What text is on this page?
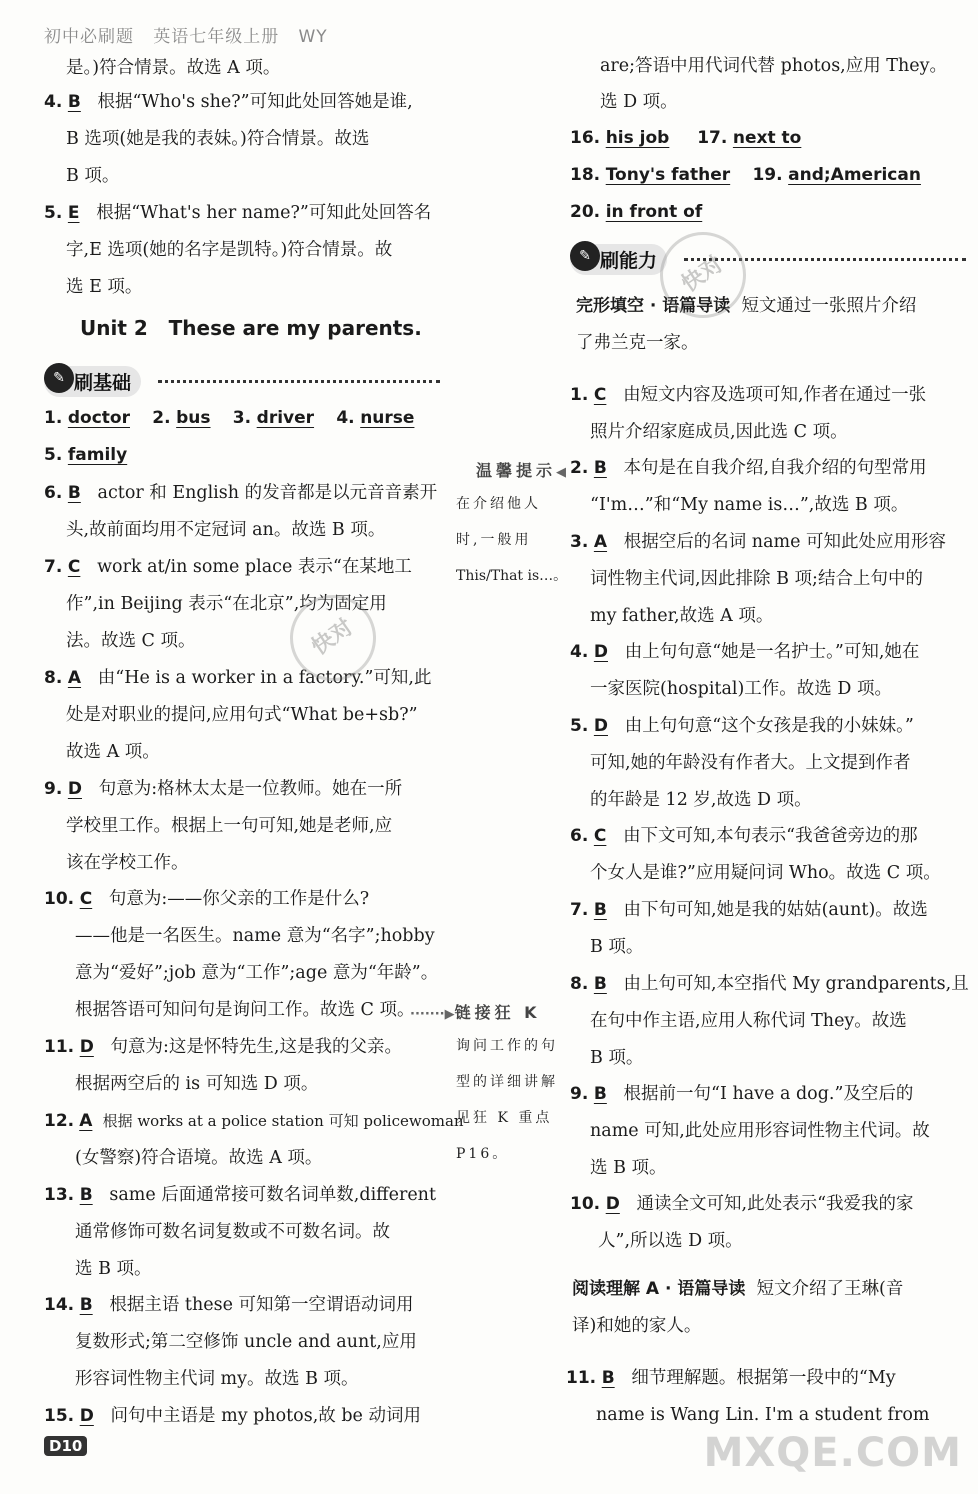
初中必刷题 英语七年级上册 WY
是。)符合情景。故选 A 项。
4. B 根据“Who's she?”可知此处回答她是谁,
B 选项(她是我的表妹。)符合情景。故选
B 项。
5. E 根据“What's her name?”可知此处回答名
字,E 选项(她的名字是凯特。)符合情景。故
选 E 项。
Unit 2   These are my parents.
✎ 刷基础
1. doctor 2. bus 3. driver 4. nurse
5. family
6. B actor 和 English 的发音都是以元音音素开
头,故前面均用不定冠词 an。故选 B 项。
7. C work at/in some place 表示“在某地工
作”,in Beijing 表示“在北京”,均为固定用
法。故选 C 项。
8. A 由“He is a worker in a factory.”可知,此
处是对职业的提问,应用句式“What be+sb?”
故选 A 项。
9. D 句意为:格林太太是一位教师。她在一所
学校里工作。根据上一句可知,她是老师,应
该在学校工作。
10. C 句意为:——你父亲的工作是什么?
——他是一名医生。name 意为“名字”;hobby
意为“爱好”;job 意为“工作”;age 意为“年龄”。
根据答语可知问句是询问工作。故选 C 项。
11. D 句意为:这是怀特先生,这是我的父亲。
根据两空后的 is 可知选 D 项。
12. A 根据 works at a police station 可知 policewoman
(女警察)符合语境。故选 A 项。
13. B same 后面通常接可数名词单数,different
通常修饰可数名词复数或不可数名词。故
选 B 项。
14. B 根据主语 these 可知第一空谓语动词用
复数形式;第二空修饰 uncle and aunt,应用
形容词性物主代词 my。故选 B 项。
15. D 问句中主语是 my photos,故 be 动词用
D10
温馨提示◀
在介绍他人
时,一般用
This/That is…。
·······▶链接狂 K
询问工作的句
型的详细讲解
见狂 K 重点
P16。
are;答语中用代词代替 photos,应用 They。
选 D 项。
16. his job 17. next to
18. Tony's father 19. and;American
20. in front of
✎ 刷能力
完形填空 · 语篇导读 短文通过一张照片介绍
了弗兰克一家。
1. C 由短文内容及选项可知,作者在通过一张
照片介绍家庭成员,因此选 C 项。
2. B 本句是在自我介绍,自我介绍的句型常用
“I'm…”和“My name is…”,故选 B 项。
3. A 根据空后的名词 name 可知此处应用形容
词性物主代词,因此排除 B 项;结合上句中的
my father,故选 A 项。
4. D 由上句句意“她是一名护士。”可知,她在
一家医院(hospital)工作。故选 D 项。
5. D 由上句句意“这个女孩是我的小妹妹。”
可知,她的年龄没有作者大。上文提到作者
的年龄是 12 岁,故选 D 项。
6. C 由下文可知,本句表示“我爸爸旁边的那
个女人是谁?”应用疑问词 Who。故选 C 项。
7. B 由下句可知,她是我的姑姑(aunt)。故选
B 项。
8. B 由上句可知,本空指代 My grandparents,且
在句中作主语,应用人称代词 They。故选
B 项。
9. B 根据前一句“I have a dog.”及空后的
name 可知,此处应用形容词性物主代词。故
选 B 项。
10. D 通读全文可知,此处表示“我爱我的家
人”,所以选 D 项。
阅读理解 A · 语篇导读 短文介绍了王琳(音
译)和她的家人。
11. B 细节理解题。根据第一段中的“My
name is Wang Lin. I'm a student from
快对
快对
MXQE.COM
